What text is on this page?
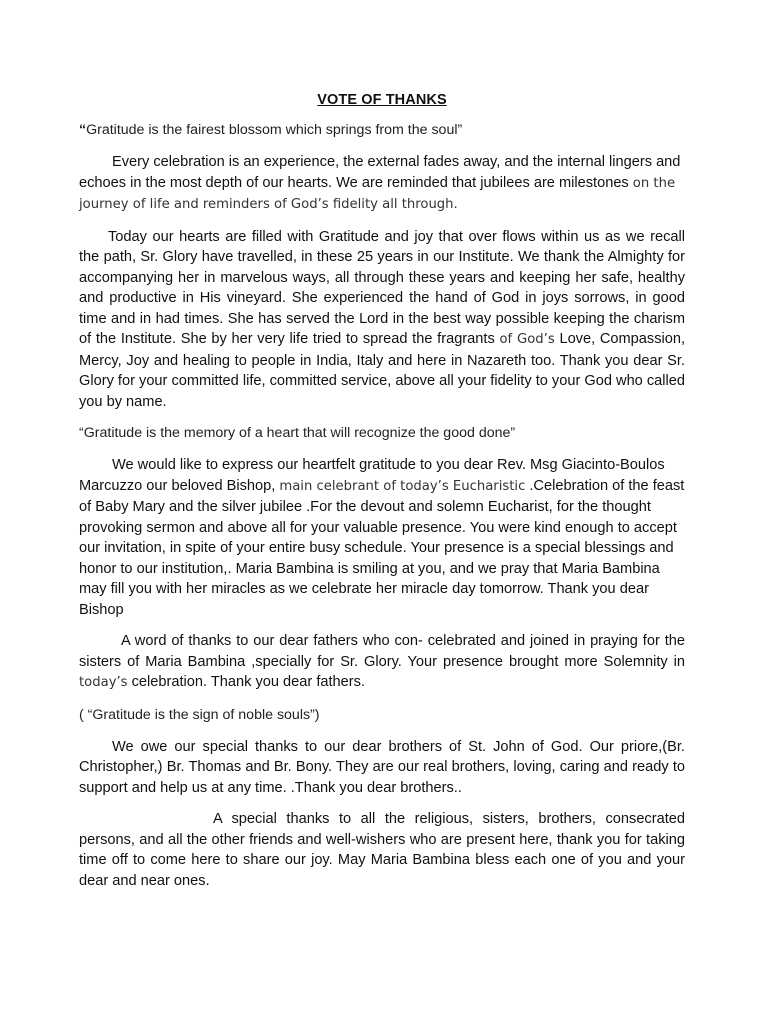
VOTE OF THANKS
“Gratitude is the fairest blossom which springs from the soul”
Every celebration is an experience, the external fades away, and the internal lingers and echoes in the most depth of our hearts. We are reminded that jubilees are milestones on the journey of life and reminders of God’s fidelity all through.
Today our hearts are filled with Gratitude and joy that over flows within us as we recall the path, Sr. Glory have travelled, in these 25 years in our Institute. We thank the Almighty for accompanying her in marvelous ways, all through these years and keeping her safe, healthy and productive in His vineyard. She experienced the hand of God in joys sorrows, in good time and in had times. She has served the Lord in the best way possible keeping the charism of the Institute. She by her very life tried to spread the fragrants of God’s Love, Compassion, Mercy, Joy and healing to people in India, Italy and here in Nazareth too. Thank you dear Sr. Glory for your committed life, committed service, above all your fidelity to your God who called you by name.
“Gratitude is the memory of a heart that will recognize the good done”
We would like to express our heartfelt gratitude to you dear Rev. Msg Giacinto-Boulos Marcuzzo our beloved Bishop, main celebrant of today’s Eucharistic .Celebration of the feast of Baby Mary and the silver jubilee .For the devout and solemn Eucharist, for the thought provoking sermon and above all for your valuable presence. You were kind enough to accept our invitation, in spite of your entire busy schedule. Your presence is a special blessings and honor to our institution,. Maria Bambina is smiling at you, and we pray that Maria Bambina may fill you with her miracles as we celebrate her miracle day tomorrow. Thank you dear Bishop
A word of thanks to our dear fathers who con- celebrated and joined in praying for the sisters of Maria Bambina ,specially for Sr. Glory. Your presence brought more Solemnity in today’s celebration. Thank you dear fathers.
( “Gratitude is the sign of noble souls”)
We owe our special thanks to our dear brothers of St. John of God. Our priore,(Br. Christopher,) Br. Thomas and Br. Bony. They are our real brothers, loving, caring and ready to support and help us at any time. .Thank you dear brothers..
A special thanks to all the religious, sisters, brothers, consecrated persons, and all the other friends and well-wishers who are present here, thank you for taking time off to come here to share our joy. May Maria Bambina bless each one of you and your dear and near ones.
